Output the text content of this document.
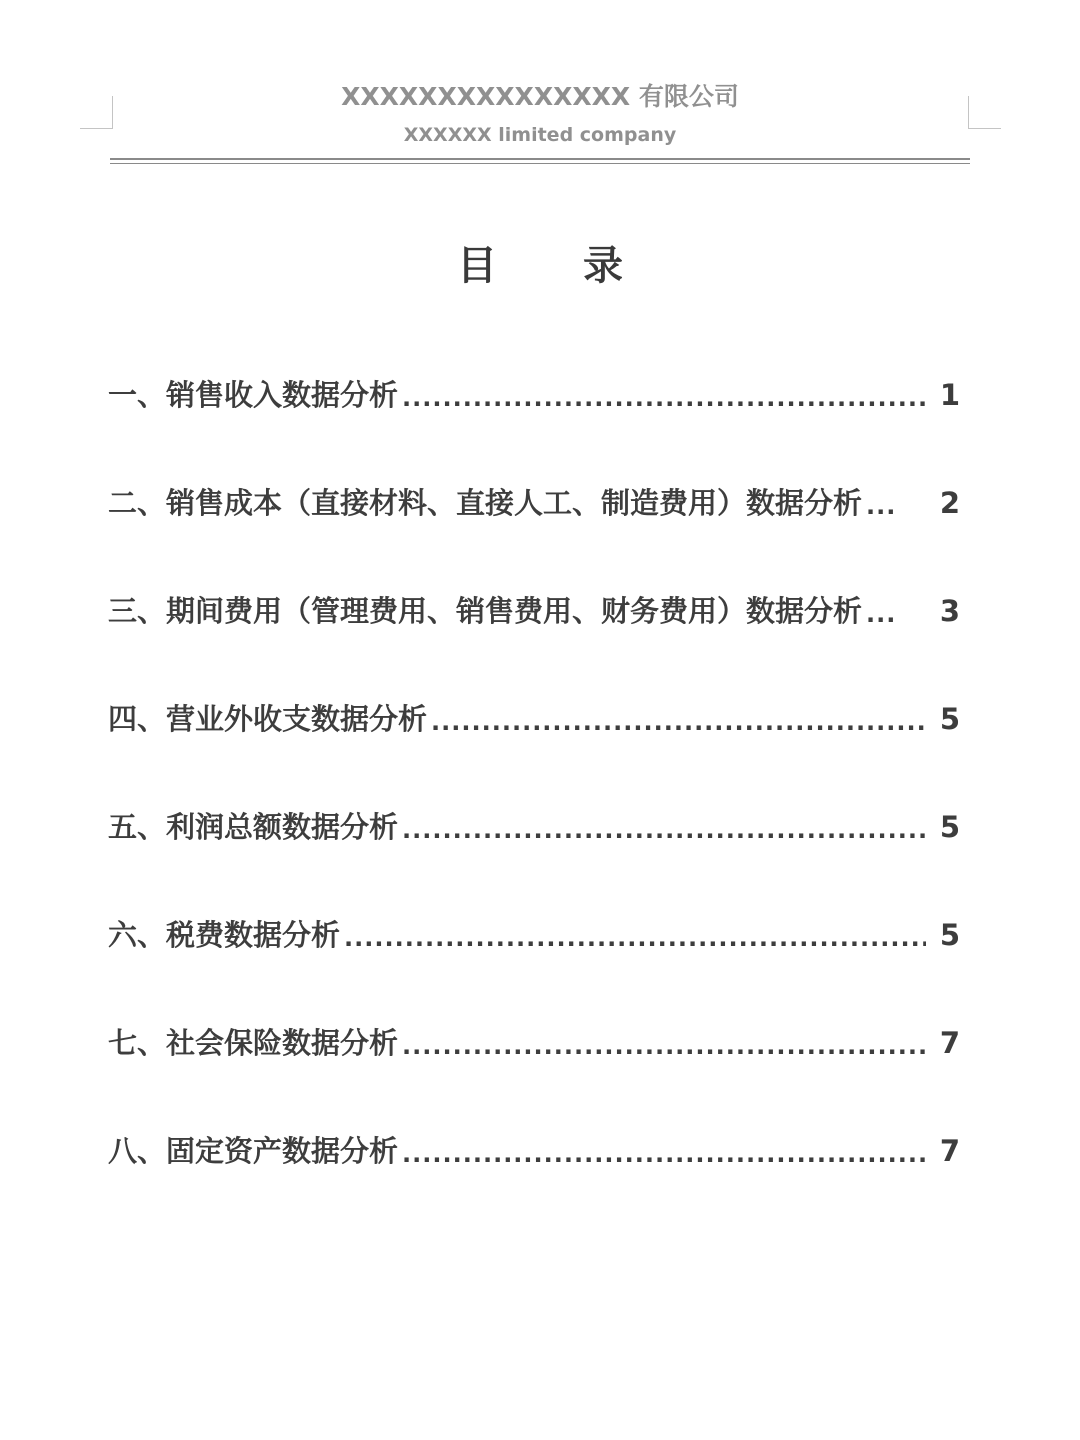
XXXXXXXXXXXXXXX 有限公司
XXXXXX limited company
目 录
一、销售收入数据分析 .....	1
二、销售成本（直接材料、直接人工、制造费用）数据分析 ...	2
三、期间费用（管理费用、销售费用、财务费用）数据分析 ...	3
四、营业外收支数据分析 .....	5
五、利润总额数据分析 .....	5
六、税费数据分析 .....	5
七、社会保险数据分析 .....	7
八、固定资产数据分析 .....	7
